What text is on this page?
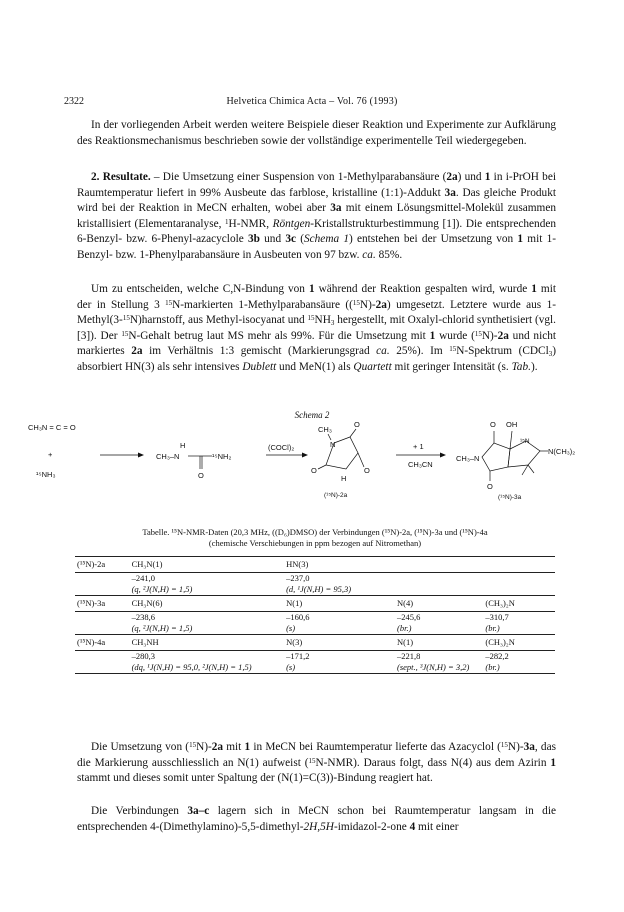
2322	Helvetica Chimica Acta – Vol. 76 (1993)

In der vorliegenden Arbeit werden weitere Beispiele dieser Reaktion und Experimente zur Aufklärung des Reaktionsmechanismus beschrieben sowie der vollständige experimentelle Teil wiedergegeben.

2. Resultate. – Die Umsetzung einer Suspension von 1-Methylparabansäure (2a) und 1 in i-PrOH bei Raumtemperatur liefert in 99% Ausbeute das farblose, kristalline (1:1)-Addukt 3a. Das gleiche Produkt wird bei der Reaktion in MeCN erhalten, wobei aber 3a mit einem Lösungsmittel-Molekül zusammen kristallisiert (Elementaranalyse, $^1$H-NMR, Röntgen-Kristallstrukturbestimmung [1]). Die entsprechenden 6-Benzyl- bzw. 6-Phenyl-azacyclole 3b und 3c (Schema 1) entstehen bei der Umsetzung von 1 mit 1-Benzyl- bzw. 1-Phenylparabansäure in Ausbeuten von 97 bzw. ca. 85%.

Um zu entscheiden, welche C,N-Bindung von 1 während der Reaktion gespalten wird, wurde 1 mit der in Stellung 3 $^{15}$N-markierten 1-Methylparabansäure (($^{15}$N)-2a) umgesetzt. Letztere wurde aus 1-Methyl(3-$^{15}$N)harnstoff, aus Methyl-isocyanat und $^{15}NH_3$ hergestellt, mit Oxalyl-chlorid synthetisiert (vgl. [3]). Der $^{15}$N-Gehalt betrug laut MS mehr als 99%. Für die Umsetzung mit 1 wurde ($^{15}$N)-2a und nicht markiertes 2a im Verhältnis 1:3 gemischt (Markierungsgrad ca. 25%). Im $^{15}$N-Spektrum (CDCl$_3$) absorbiert HN(3) als sehr intensives Dublett und MeN(1) als Quartett mit geringer Intensität (s. Tab.).

Schema 2
CH₃N = C = O
+
¹⁵NH₃
CH₃–N
H
O
¹⁵NH₂
(COCl)₂
CH₃
N
O
O	O
H
(¹⁵N)-2a
+ 1
CH₃CN
CH₃–N
O OH
¹⁵N
O
N(CH₃)₂
(¹⁵N)-3a
Tabelle. ¹⁵N-NMR-Daten (20,3 MHz, ((D₆)DMSO) der Verbindungen (¹⁵N)-2a, (¹⁵N)-3a und (¹⁵N)-4a
(chemische Verschiebungen in ppm bezogen auf Nitromethan)
(¹⁵N)-2a	CH₃N(1)	HN(3)		
	–241,0	–237,0		
	(q, ²J(N,H) = 1,5)	(d, ¹J(N,H) = 95,3)		
(¹⁵N)-3a	CH₃N(6)	N(1)	N(4)	(CH₃)₂N
	–238,6	–160,6	–245,6	–310,7
	(q, ²J(N,H) = 1,5)	(s)	(br.)	(br.)
(¹⁵N)-4a	CH₃NH	N(3)	N(1)	(CH₃)₂N
	–280,3	–171,2	–221,8	–282,2
	(dq, ¹J(N,H) = 95,0, ²J(N,H) = 1,5)	(s)	(sept., ³J(N,H) = 3,2)	(br.)

Die Umsetzung von ($^{15}$N)-2a mit 1 in MeCN bei Raumtemperatur lieferte das Azacyclol ($^{15}$N)-3a, das die Markierung ausschliesslich an N(1) aufweist ($^{15}$N-NMR). Daraus folgt, dass N(4) aus dem Azirin 1 stammt und dieses somit unter Spaltung der (N(1)=C(3))-Bindung reagiert hat.

Die Verbindungen 3a–c lagern sich in MeCN schon bei Raumtemperatur langsam in die entsprechenden 4-(Dimethylamino)-5,5-dimethyl-2H,5H-imidazol-2-one 4 mit einer
